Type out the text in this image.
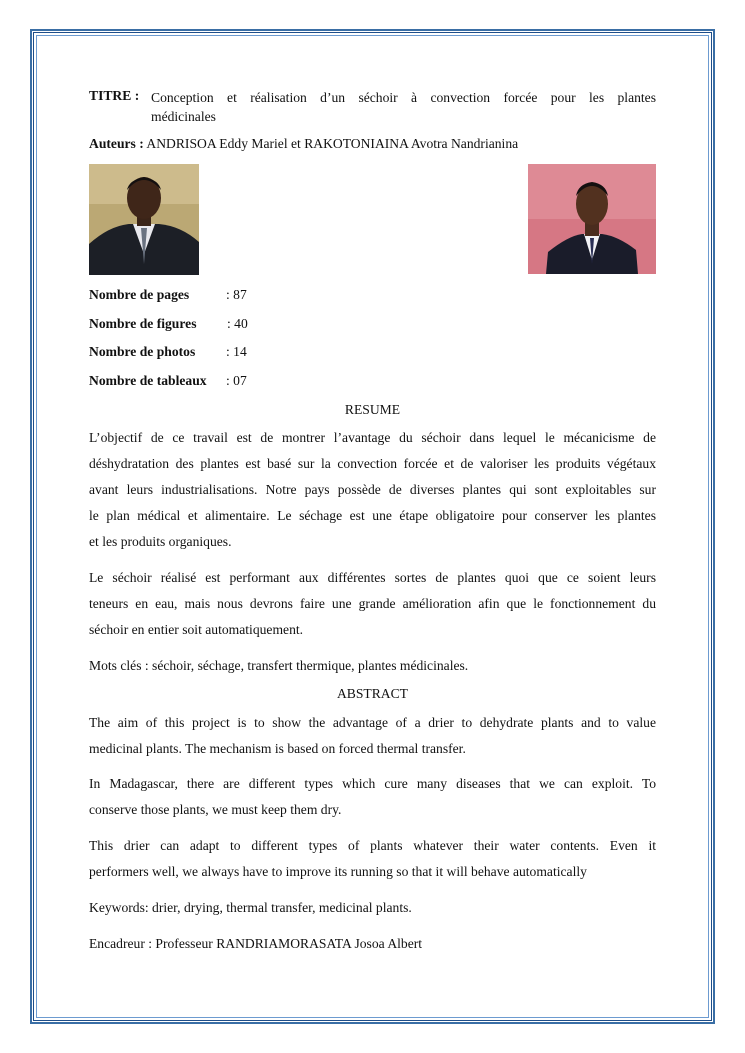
TITRE : Conception et réalisation d’un séchoir à convection forcée pour les plantes
médicinales
Auteurs : ANDRISOA Eddy Mariel et RAKOTONIAINA Avotra Nandrianina
Nombre de pages	: 87
Nombre de figures : 40
Nombre de photos : 14
Nombre de tableaux : 07
RESUME
L’objectif de ce travail est de montrer l’avantage du séchoir dans lequel le mécanicisme de
déshydratation des plantes est basé sur la convection forcée et de valoriser les produits végétaux
avant leurs industrialisations. Notre pays possède de diverses plantes qui sont exploitables sur
le plan médical et alimentaire. Le séchage est une étape obligatoire pour conserver les plantes
et les produits organiques.
Le séchoir réalisé est performant aux différentes sortes de plantes quoi que ce soient leurs
teneurs en eau, mais nous devrons faire une grande amélioration afin que le fonctionnement du
séchoir en entier soit automatiquement.
Mots clés : séchoir, séchage, transfert thermique, plantes médicinales.
ABSTRACT
The aim of this project is to show the advantage of a drier to dehydrate plants and to value
medicinal plants. The mechanism is based on forced thermal transfer.
In Madagascar, there are different types which cure many diseases that we can exploit. To
conserve those plants, we must keep them dry.
This drier can adapt to different types of plants whatever their water contents. Even it
performers well, we always have to improve its running so that it will behave automatically
Keywords: drier, drying, thermal transfer, medicinal plants.
Encadreur : Professeur RANDRIAMORASATA Josoa Albert
